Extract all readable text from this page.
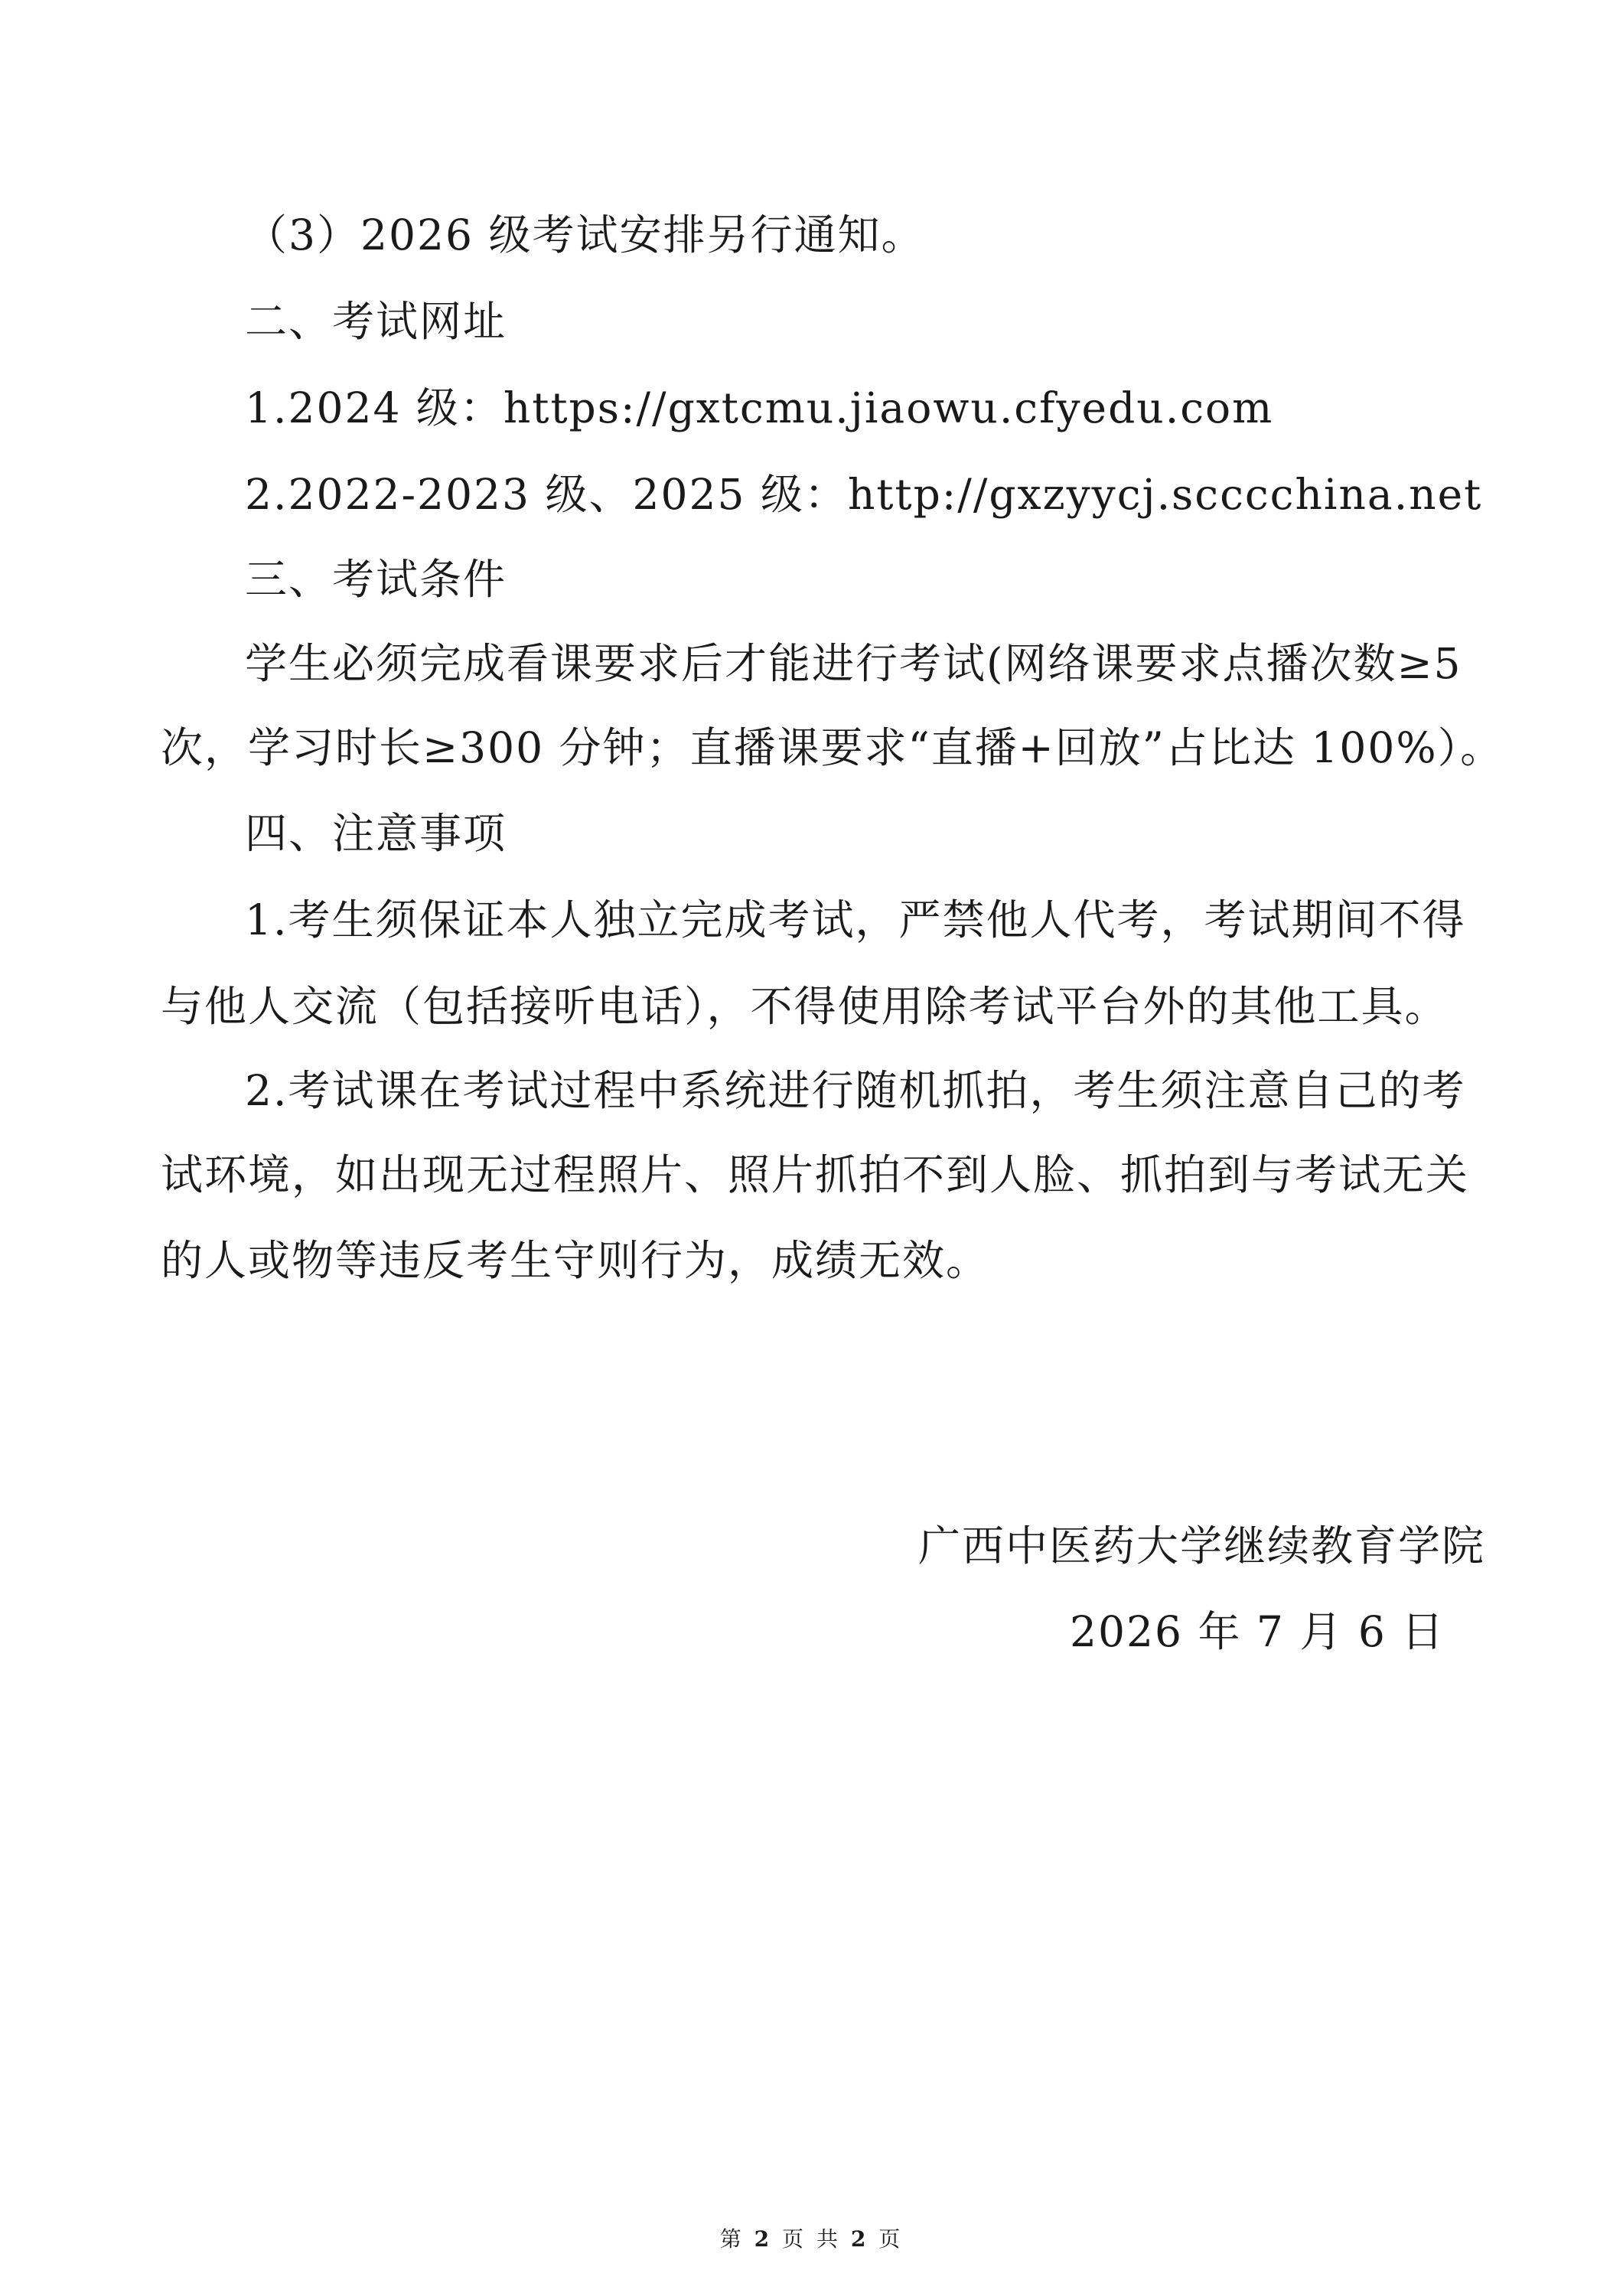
（3）2026 级考试安排另行通知。
二、考试网址
1.2024 级：https://gxtcmu.jiaowu.cfyedu.com
2.2022-2023 级、2025 级：http://gxzyycj.scccchina.net
三、考试条件
学生必须完成看课要求后才能进行考试(网络课要求点播次数≥5
次，学习时长≥300 分钟；直播课要求“直播+回放”占比达 100%）。
四、注意事项
1.考生须保证本人独立完成考试，严禁他人代考，考试期间不得
与他人交流（包括接听电话），不得使用除考试平台外的其他工具。
2.考试课在考试过程中系统进行随机抓拍，考生须注意自己的考
试环境，如出现无过程照片、照片抓拍不到人脸、抓拍到与考试无关
的人或物等违反考生守则行为，成绩无效。
广西中医药大学继续教育学院
2026 年 7 月 6 日
第 2 页 共 2 页
